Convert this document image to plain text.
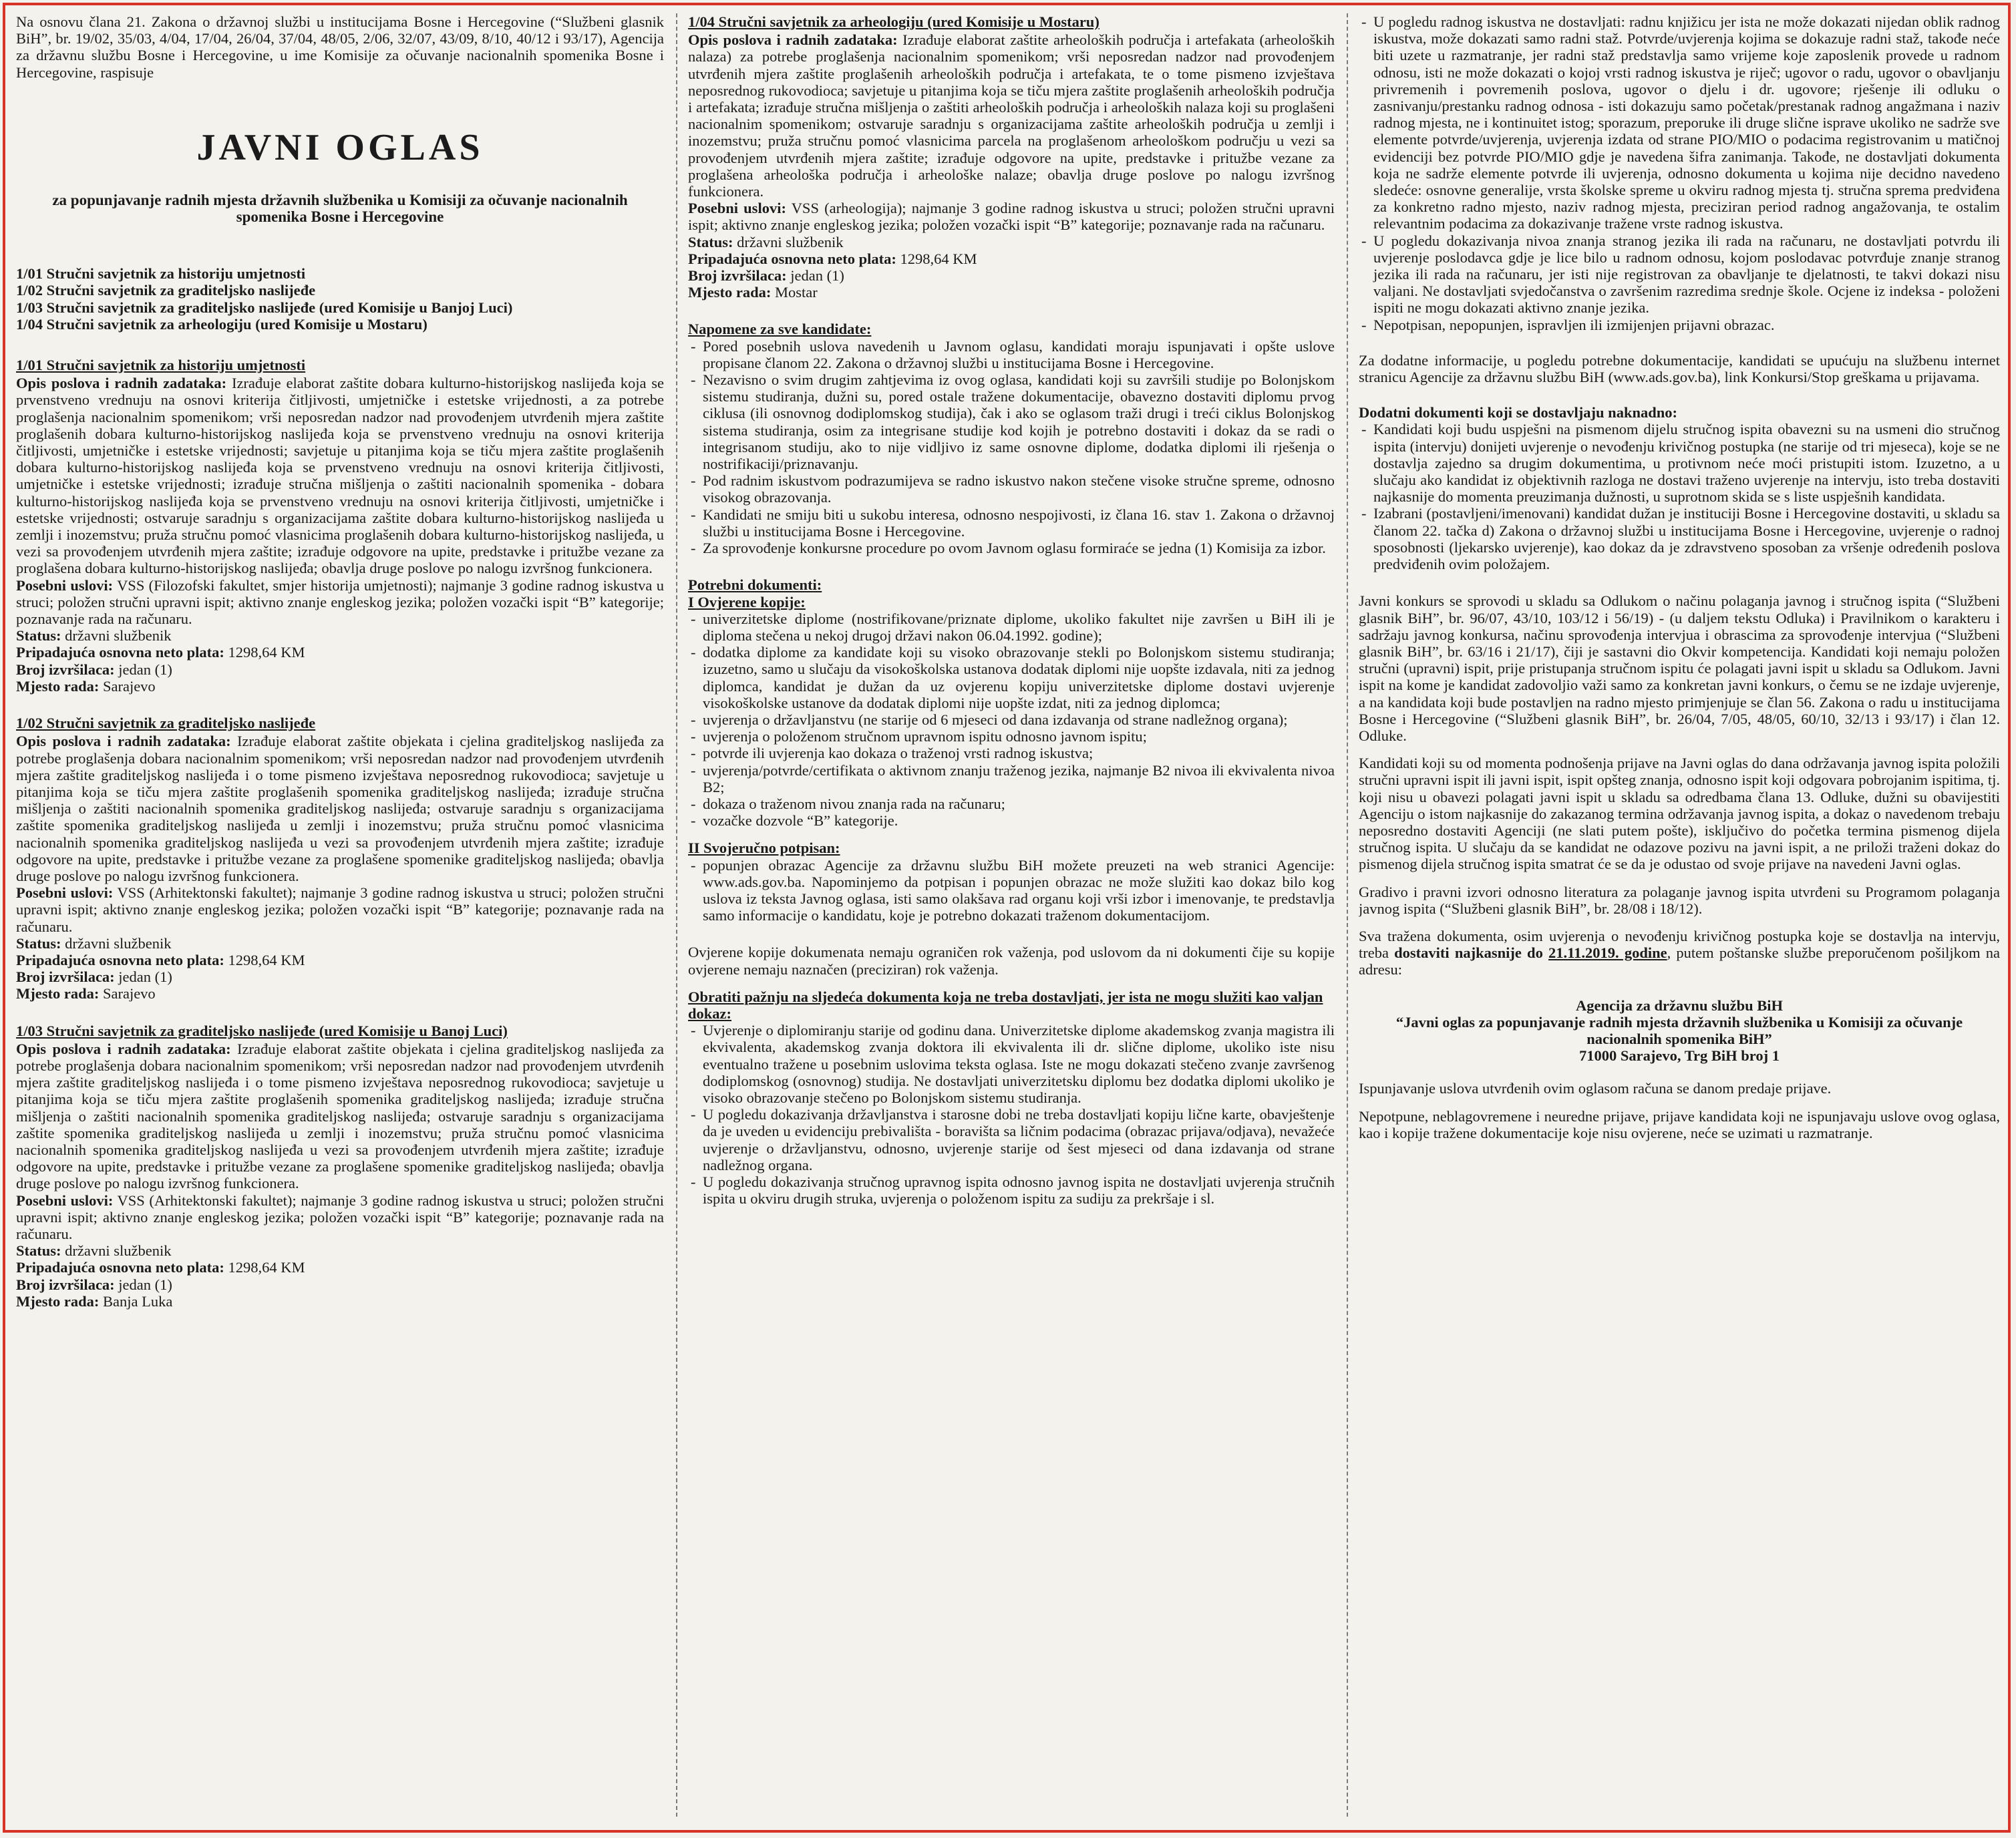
Na osnovu člana 21. Zakona o državnoj službi u institucijama Bosne i Hercegovine (“Službeni glasnik BiH”, br. 19/02, 35/03, 4/04, 17/04, 26/04, 37/04, 48/05, 2/06, 32/07, 43/09, 8/10, 40/12 i 93/17), Agencija za državnu službu Bosne i Hercegovine, u ime Komisije za očuvanje nacionalnih spomenika Bosne i Hercegovine, raspisuje

JAVNI OGLAS
za popunjavanje radnih mjesta državnih službenika u Komisiji za očuvanje nacionalnih spomenika Bosne i Hercegovine
1/01 Stručni savjetnik za historiju umjetnosti
1/02 Stručni savjetnik za graditeljsko naslijeđe
1/03 Stručni savjetnik za graditeljsko naslijeđe (ured Komisije u Banjoj Luci)
1/04 Stručni savjetnik za arheologiju (ured Komisije u Mostaru)
1/01 Stručni savjetnik za historiju umjetnosti

Opis poslova i radnih zadataka: Izrađuje elaborat zaštite dobara kulturno-historijskog naslijeđa koja se prvenstveno vrednuju na osnovi kriterija čitljivosti, umjetničke i estetske vrijednosti, a za potrebe proglašenja nacionalnim spomenikom; vrši neposredan nadzor nad provođenjem utvrđenih mjera zaštite proglašenih dobara kulturno-historijskog naslijeđa koja se prvenstveno vrednuju na osnovi kriterija čitljivosti, umjetničke i estetske vrijednosti; savjetuje u pitanjima koja se tiču mjera zaštite proglašenih dobara kulturno-historijskog naslijeđa koja se prvenstveno vrednuju na osnovi kriterija čitljivosti, umjetničke i estetske vrijednosti; izrađuje stručna mišljenja o zaštiti nacionalnih spomenika - dobara kulturno-historijskog naslijeđa koja se prvenstveno vrednuju na osnovi kriterija čitljivosti, umjetničke i estetske vrijednosti; ostvaruje saradnju s organizacijama zaštite dobara kulturno-historijskog naslijeđa u zemlji i inozemstvu; pruža stručnu pomoć vlasnicima proglašenih dobara kulturno-historijskog naslijeđa, u vezi sa provođenjem utvrđenih mjera zaštite; izrađuje odgovore na upite, predstavke i pritužbe vezane za proglašena dobara kulturno-historijskog naslijeđa; obavlja druge poslove po nalogu izvršnog funkcionera.

Posebni uslovi: VSS (Filozofski fakultet, smjer historija umjetnosti); najmanje 3 godine radnog iskustva u struci; položen stručni upravni ispit; aktivno znanje engleskog jezika; položen vozački ispit “B” kategorije; poznavanje rada na računaru.

Status: državni službenik
Pripadajuća osnovna neto plata: 1298,64 KM
Broj izvršilaca: jedan (1)
Mjesto rada: Sarajevo
1/02 Stručni savjetnik za graditeljsko naslijeđe

Opis poslova i radnih zadataka: Izrađuje elaborat zaštite objekata i cjelina graditeljskog naslijeđa za potrebe proglašenja dobara nacionalnim spomenikom; vrši neposredan nadzor nad provođenjem utvrđenih mjera zaštite graditeljskog naslijeđa i o tome pismeno izvještava neposrednog rukovodioca; savjetuje u pitanjima koja se tiču mjera zaštite proglašenih spomenika graditeljskog naslijeđa; izrađuje stručna mišljenja o zaštiti nacionalnih spomenika graditeljskog naslijeđa; ostvaruje saradnju s organizacijama zaštite spomenika graditeljskog naslijeđa u zemlji i inozemstvu; pruža stručnu pomoć vlasnicima nacionalnih spomenika graditeljskog naslijeđa u vezi sa provođenjem utvrđenih mjera zaštite; izrađuje odgovore na upite, predstavke i pritužbe vezane za proglašene spomenike graditeljskog naslijeđa; obavlja druge poslove po nalogu izvršnog funkcionera.

Posebni uslovi: VSS (Arhitektonski fakultet); najmanje 3 godine radnog iskustva u struci; položen stručni upravni ispit; aktivno znanje engleskog jezika; položen vozački ispit “B” kategorije; poznavanje rada na računaru.

Status: državni službenik
Pripadajuća osnovna neto plata: 1298,64 KM
Broj izvršilaca: jedan (1)
Mjesto rada: Sarajevo
1/03 Stručni savjetnik za graditeljsko naslijeđe (ured Komisije u Banoj Luci)

Opis poslova i radnih zadataka: Izrađuje elaborat zaštite objekata i cjelina graditeljskog naslijeđa za potrebe proglašenja dobara nacionalnim spomenikom; vrši neposredan nadzor nad provođenjem utvrđenih mjera zaštite graditeljskog naslijeđa i o tome pismeno izvještava neposrednog rukovodioca; savjetuje u pitanjima koja se tiču mjera zaštite proglašenih spomenika graditeljskog naslijeđa; izrađuje stručna mišljenja o zaštiti nacionalnih spomenika graditeljskog naslijeđa; ostvaruje saradnju s organizacijama zaštite spomenika graditeljskog naslijeđa u zemlji i inozemstvu; pruža stručnu pomoć vlasnicima nacionalnih spomenika graditeljskog naslijeđa u vezi sa provođenjem utvrđenih mjera zaštite; izrađuje odgovore na upite, predstavke i pritužbe vezane za proglašene spomenike graditeljskog naslijeđa; obavlja druge poslove po nalogu izvršnog funkcionera.

Posebni uslovi: VSS (Arhitektonski fakultet); najmanje 3 godine radnog iskustva u struci; položen stručni upravni ispit; aktivno znanje engleskog jezika; položen vozački ispit “B” kategorije; poznavanje rada na računaru.

Status: državni službenik
Pripadajuća osnovna neto plata: 1298,64 KM
Broj izvršilaca: jedan (1)
Mjesto rada: Banja Luka
1/04 Stručni savjetnik za arheologiju (ured Komisije u Mostaru)

Opis poslova i radnih zadataka: Izrađuje elaborat zaštite arheoloških područja i artefakata (arheoloških nalaza) za potrebe proglašenja nacionalnim spomenikom; vrši neposredan nadzor nad provođenjem utvrđenih mjera zaštite proglašenih arheoloških područja i artefakata, te o tome pismeno izvještava neposrednog rukovodioca; savjetuje u pitanjima koja se tiču mjera zaštite proglašenih arheoloških područja i artefakata; izrađuje stručna mišljenja o zaštiti arheoloških područja i arheoloških nalaza koji su proglašeni nacionalnim spomenikom; ostvaruje saradnju s organizacijama zaštite arheoloških područja u zemlji i inozemstvu; pruža stručnu pomoć vlasnicima parcela na proglašenom arheološkom području u vezi sa provođenjem utvrđenih mjera zaštite; izrađuje odgovore na upite, predstavke i pritužbe vezane za proglašena arheološka područja i arheološke nalaze; obavlja druge poslove po nalogu izvršnog funkcionera.

Posebni uslovi: VSS (arheologija); najmanje 3 godine radnog iskustva u struci; položen stručni upravni ispit; aktivno znanje engleskog jezika; položen vozački ispit “B” kategorije; poznavanje rada na računaru.

Status: državni službenik
Pripadajuća osnovna neto plata: 1298,64 KM
Broj izvršilaca: jedan (1)
Mjesto rada: Mostar
Napomene za sve kandidate:
- Pored posebnih uslova navedenih u Javnom oglasu, kandidati moraju ispunjavati i opšte uslove propisane članom 22. Zakona o državnoj službi u institucijama Bosne i Hercegovine.
- Nezavisno o svim drugim zahtjevima iz ovog oglasa, kandidati koji su završili studije po Bolonjskom sistemu studiranja, dužni su, pored ostale tražene dokumentacije, obavezno dostaviti diplomu prvog ciklusa (ili osnovnog dodiplomskog studija), čak i ako se oglasom traži drugi i treći ciklus Bolonjskog sistema studiranja, osim za integrisane studije kod kojih je potrebno dostaviti i dokaz da se radi o integrisanom studiju, ako to nije vidljivo iz same osnovne diplome, dodatka diplomi ili rješenja o nostrifikaciji/priznavanju.
- Pod radnim iskustvom podrazumijeva se radno iskustvo nakon stečene visoke stručne spreme, odnosno visokog obrazovanja.
- Kandidati ne smiju biti u sukobu interesa, odnosno nespojivosti, iz člana 16. stav 1. Zakona o državnoj službi u institucijama Bosne i Hercegovine.
- Za sprovođenje konkursne procedure po ovom Javnom oglasu formiraće se jedna (1) Komisija za izbor.
Potrebni dokumenti:
I Ovjerene kopije:
- univerzitetske diplome (nostrifikovane/priznate diplome, ukoliko fakultet nije završen u BiH ili je diploma stečena u nekoj drugoj državi nakon 06.04.1992. godine);
- dodatka diplome za kandidate koji su visoko obrazovanje stekli po Bolonjskom sistemu studiranja; izuzetno, samo u slučaju da visokoškolska ustanova dodatak diplomi nije uopšte izdavala, niti za jednog diplomca, kandidat je dužan da uz ovjerenu kopiju univerzitetske diplome dostavi uvjerenje visokoškolske ustanove da dodatak diplomi nije uopšte izdat, niti za jednog diplomca;
- uvjerenja o državljanstvu (ne starije od 6 mjeseci od dana izdavanja od strane nadležnog organa);
- uvjerenja o položenom stručnom upravnom ispitu odnosno javnom ispitu;
- potvrde ili uvjerenja kao dokaza o traženoj vrsti radnog iskustva;
- uvjerenja/potvrde/certifikata o aktivnom znanju traženog jezika, najmanje B2 nivoa ili ekvivalenta nivoa B2;
- dokaza o traženom nivou znanja rada na računaru;
- vozačke dozvole “B” kategorije.
II Svojeručno potpisan:
- popunjen obrazac Agencije za državnu službu BiH možete preuzeti na web stranici Agencije: www.ads.gov.ba. Napominjemo da potpisan i popunjen obrazac ne može služiti kao dokaz bilo kog uslova iz teksta Javnog oglasa, isti samo olakšava rad organu koji vrši izbor i imenovanje, te predstavlja samo informacije o kandidatu, koje je potrebno dokazati traženom dokumentacijom.

Ovjerene kopije dokumenata nemaju ograničen rok važenja, pod uslovom da ni dokumenti čije su kopije ovjerene nemaju naznačen (preciziran) rok važenja.

Obratiti pažnju na sljedeća dokumenta koja ne treba dostavljati, jer ista ne mogu služiti kao valjan dokaz:
- Uvjerenje o diplomiranju starije od godinu dana. Univerzitetske diplome akademskog zvanja magistra ili ekvivalenta, akademskog zvanja doktora ili ekvivalenta ili dr. slične diplome, ukoliko iste nisu eventualno tražene u posebnim uslovima teksta oglasa. Iste ne mogu dokazati stečeno zvanje završenog dodiplomskog (osnovnog) studija. Ne dostavljati univerzitetsku diplomu bez dodatka diplomi ukoliko je visoko obrazovanje stečeno po Bolonjskom sistemu studiranja.
- U pogledu dokazivanja državljanstva i starosne dobi ne treba dostavljati kopiju lične karte, obavještenje da je uveden u evidenciju prebivališta - boravišta sa ličnim podacima (obrazac prijava/odjava), nevažeće uvjerenje o državljanstvu, odnosno, uvjerenje starije od šest mjeseci od dana izdavanja od strane nadležnog organa.
- U pogledu dokazivanja stručnog upravnog ispita odnosno javnog ispita ne dostavljati uvjerenja stručnih ispita u okviru drugih struka, uvjerenja o položenom ispitu za sudiju za prekršaje i sl.
- U pogledu radnog iskustva ne dostavljati: radnu knjižicu jer ista ne može dokazati nijedan oblik radnog iskustva, može dokazati samo radni staž. Potvrde/uvjerenja kojima se dokazuje radni staž, takođe neće biti uzete u razmatranje, jer radni staž predstavlja samo vrijeme koje zaposlenik provede u radnom odnosu, isti ne može dokazati o kojoj vrsti radnog iskustva je riječ; ugovor o radu, ugovor o obavljanju privremenih i povremenih poslova, ugovor o djelu i dr. ugovore; rješenje ili odluku o zasnivanju/prestanku radnog odnosa - isti dokazuju samo početak/prestanak radnog angažmana i naziv radnog mjesta, ne i kontinuitet istog; sporazum, preporuke ili druge slične isprave ukoliko ne sadrže sve elemente potvrde/uvjerenja, uvjerenja izdata od strane PIO/MIO o podacima registrovanim u matičnoj evidenciji bez potvrde PIO/MIO gdje je navedena šifra zanimanja. Takođe, ne dostavljati dokumenta koja ne sadrže elemente potvrde ili uvjerenja, odnosno dokumenta u kojima nije decidno navedeno sledeće: osnovne generalije, vrsta školske spreme u okviru radnog mjesta tj. stručna sprema predviđena za konkretno radno mjesto, naziv radnog mjesta, preciziran period radnog angažovanja, te ostalim relevantnim podacima za dokazivanje tražene vrste radnog iskustva.
- U pogledu dokazivanja nivoa znanja stranog jezika ili rada na računaru, ne dostavljati potvrdu ili uvjerenje poslodavca gdje je lice bilo u radnom odnosu, kojom poslodavac potvrđuje znanje stranog jezika ili rada na računaru, jer isti nije registrovan za obavljanje te djelatnosti, te takvi dokazi nisu valjani. Ne dostavljati svjedočanstva o završenim razredima srednje škole. Ocjene iz indeksa - položeni ispiti ne mogu dokazati aktivno znanje jezika.
- Nepotpisan, nepopunjen, ispravljen ili izmijenjen prijavni obrazac.

Za dodatne informacije, u pogledu potrebne dokumentacije, kandidati se upućuju na službenu internet stranicu Agencije za državnu službu BiH (www.ads.gov.ba), link Konkursi/Stop greškama u prijavama.

Dodatni dokumenti koji se dostavljaju naknadno:
- Kandidati koji budu uspješni na pismenom dijelu stručnog ispita obavezni su na usmeni dio stručnog ispita (intervju) donijeti uvjerenje o nevođenju krivičnog postupka (ne starije od tri mjeseca), koje se ne dostavlja zajedno sa drugim dokumentima, u protivnom neće moći pristupiti istom. Izuzetno, a u slučaju ako kandidat iz objektivnih razloga ne dostavi traženo uvjerenje na intervju, isto treba dostaviti najkasnije do momenta preuzimanja dužnosti, u suprotnom skida se s liste uspješnih kandidata.
- Izabrani (postavljeni/imenovani) kandidat dužan je instituciji Bosne i Hercegovine dostaviti, u skladu sa članom 22. tačka d) Zakona o državnoj službi u institucijama Bosne i Hercegovine, uvjerenje o radnoj sposobnosti (ljekarsko uvjerenje), kao dokaz da je zdravstveno sposoban za vršenje određenih poslova predviđenih ovim položajem.

Javni konkurs se sprovodi u skladu sa Odlukom o načinu polaganja javnog i stručnog ispita (“Službeni glasnik BiH”, br. 96/07, 43/10, 103/12 i 56/19) - (u daljem tekstu Odluka) i Pravilnikom o karakteru i sadržaju javnog konkursa, načinu sprovođenja intervjua i obrascima za sprovođenje intervjua (“Službeni glasnik BiH”, br. 63/16 i 21/17), čiji je sastavni dio Okvir kompetencija. Kandidati koji nemaju položen stručni (upravni) ispit, prije pristupanja stručnom ispitu će polagati javni ispit u skladu sa Odlukom. Javni ispit na kome je kandidat zadovoljio važi samo za konkretan javni konkurs, o čemu se ne izdaje uvjerenje, a na kandidata koji bude postavljen na radno mjesto primjenjuje se član 56. Zakona o radu u institucijama Bosne i Hercegovine (“Službeni glasnik BiH”, br. 26/04, 7/05, 48/05, 60/10, 32/13 i 93/17) i član 12. Odluke.

Kandidati koji su od momenta podnošenja prijave na Javni oglas do dana održavanja javnog ispita položili stručni upravni ispit ili javni ispit, ispit opšteg znanja, odnosno ispit koji odgovara pobrojanim ispitima, tj. koji nisu u obavezi polagati javni ispit u skladu sa odredbama člana 13. Odluke, dužni su obavijestiti Agenciju o istom najkasnije do zakazanog termina održavanja javnog ispita, a dokaz o navedenom trebaju neposredno dostaviti Agenciji (ne slati putem pošte), isključivo do početka termina pismenog dijela stručnog ispita. U slučaju da se kandidat ne odazove pozivu na javni ispit, a ne priloži traženi dokaz do pismenog dijela stručnog ispita smatrat će se da je odustao od svoje prijave na navedeni Javni oglas.

Gradivo i pravni izvori odnosno literatura za polaganje javnog ispita utvrđeni su Programom polaganja javnog ispita (“Službeni glasnik BiH”, br. 28/08 i 18/12).

Sva tražena dokumenta, osim uvjerenja o nevođenju krivičnog postupka koje se dostavlja na intervju, treba dostaviti najkasnije do 21.11.2019. godine, putem poštanske službe preporučenom pošiljkom na adresu:

Agencija za državnu službu BiH
“Javni oglas za popunjavanje radnih mjesta državnih službenika u Komisiji za očuvanje nacionalnih spomenika BiH”
71000 Sarajevo, Trg BiH broj 1

Ispunjavanje uslova utvrđenih ovim oglasom računa se danom predaje prijave.

Nepotpune, neblagovremene i neuredne prijave, prijave kandidata koji ne ispunjavaju uslove ovog oglasa, kao i kopije tražene dokumentacije koje nisu ovjerene, neće se uzimati u razmatranje.
